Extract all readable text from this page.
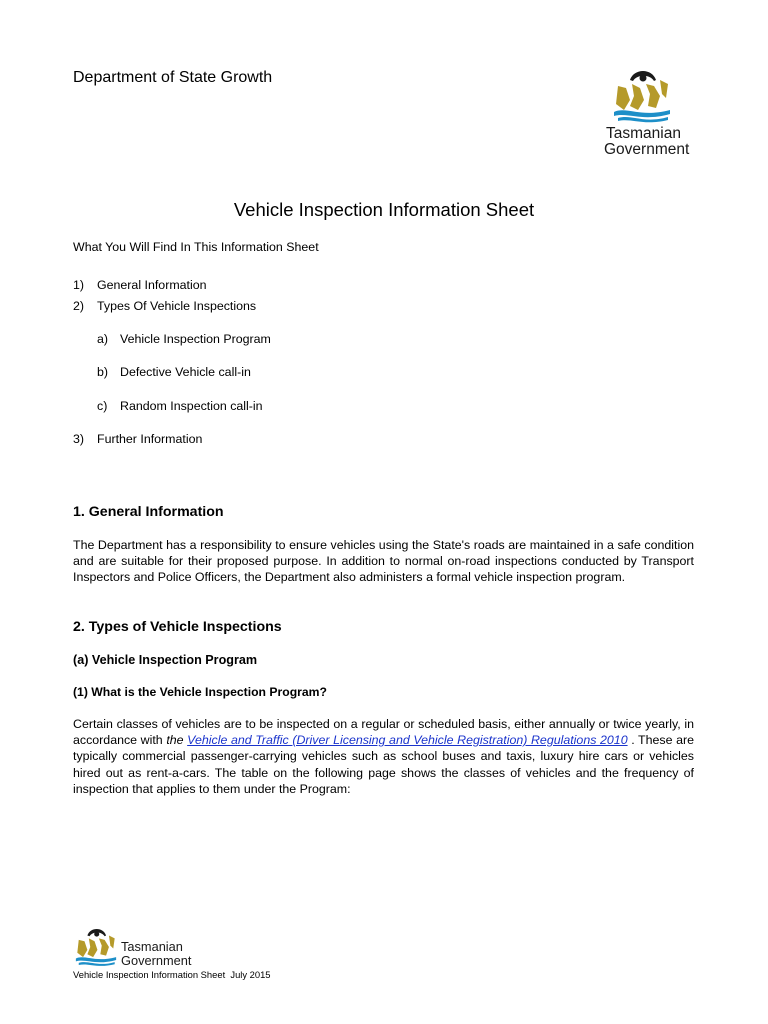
Department of State Growth
Tasmanian
Government
Vehicle Inspection Information Sheet
What You Will Find In This Information Sheet
1) General Information
2) Types Of Vehicle Inspections
a) Vehicle Inspection Program
b) Defective Vehicle call-in
c) Random Inspection call-in
3) Further Information
1. General Information
The Department has a responsibility to ensure vehicles using the State's roads are maintained in a safe condition and are suitable for their proposed purpose. In addition to normal on-road inspections conducted by Transport Inspectors and Police Officers, the Department also administers a formal vehicle inspection program.
2. Types of Vehicle Inspections
(a) Vehicle Inspection Program
(1) What is the Vehicle Inspection Program?
Certain classes of vehicles are to be inspected on a regular or scheduled basis, either annually or twice yearly, in accordance with the Vehicle and Traffic (Driver Licensing and Vehicle Registration) Regulations 2010 . These are typically commercial passenger-carrying vehicles such as school buses and taxis, luxury hire cars or vehicles hired out as rent-a-cars. The table on the following page shows the classes of vehicles and the frequency of inspection that applies to them under the Program:
Tasmanian
Government
Vehicle Inspection Information Sheet  July 2015
